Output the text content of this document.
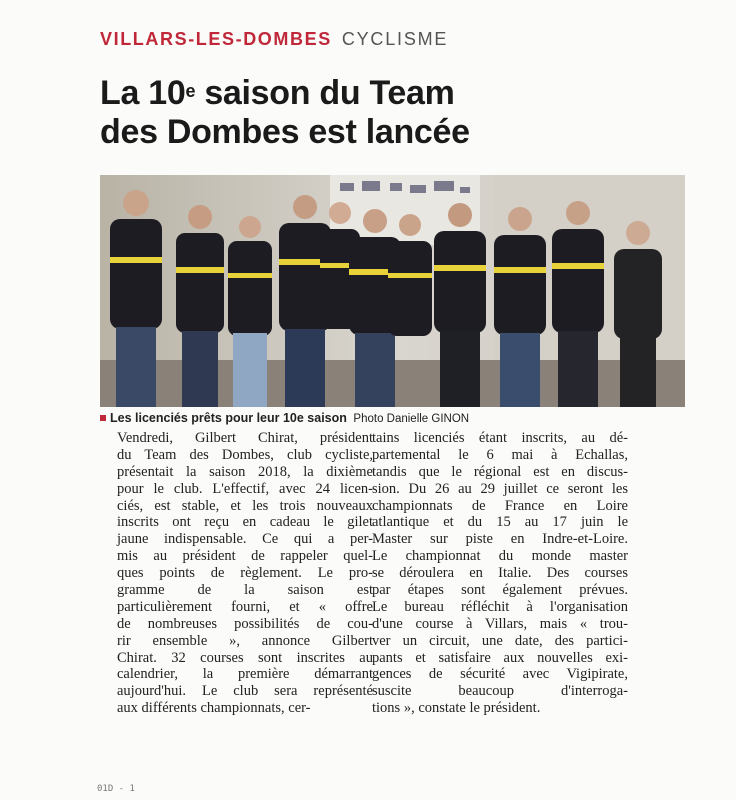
VILLARS-LES-DOMBES CYCLISME
La 10e saison du Team
des Dombes est lancée
Les licenciés prêts pour leur 10e saison Photo Danielle GINON
Vendredi, Gilbert Chirat, président
du Team des Dombes, club cycliste,
présentait la saison 2018, la dixième
pour le club. L'effectif, avec 24 licen-
ciés, est stable, et les trois nouveaux
inscrits ont reçu en cadeau le gilet
jaune indispensable. Ce qui a per-
mis au président de rappeler quel-
ques points de règlement. Le pro-
gramme de la saison est
particulièrement fourni, et « offre
de nombreuses possibilités de cou-
rir ensemble », annonce Gilbert
Chirat. 32 courses sont inscrites au
calendrier, la première démarrant
aujourd'hui. Le club sera représenté
aux différents championnats, cer-
tains licenciés étant inscrits, au dé-
partemental le 6 mai à Echallas,
tandis que le régional est en discus-
sion. Du 26 au 29 juillet ce seront les
championnats de France en Loire
atlantique et du 15 au 17 juin le
Master sur piste en Indre-et-Loire.
Le championnat du monde master
se déroulera en Italie. Des courses
par étapes sont également prévues.
Le bureau réfléchit à l'organisation
d'une course à Villars, mais « trou-
ver un circuit, une date, des partici-
pants et satisfaire aux nouvelles exi-
gences de sécurité avec Vigipirate,
suscite beaucoup d'interroga-
tions », constate le président.
01D - 1
